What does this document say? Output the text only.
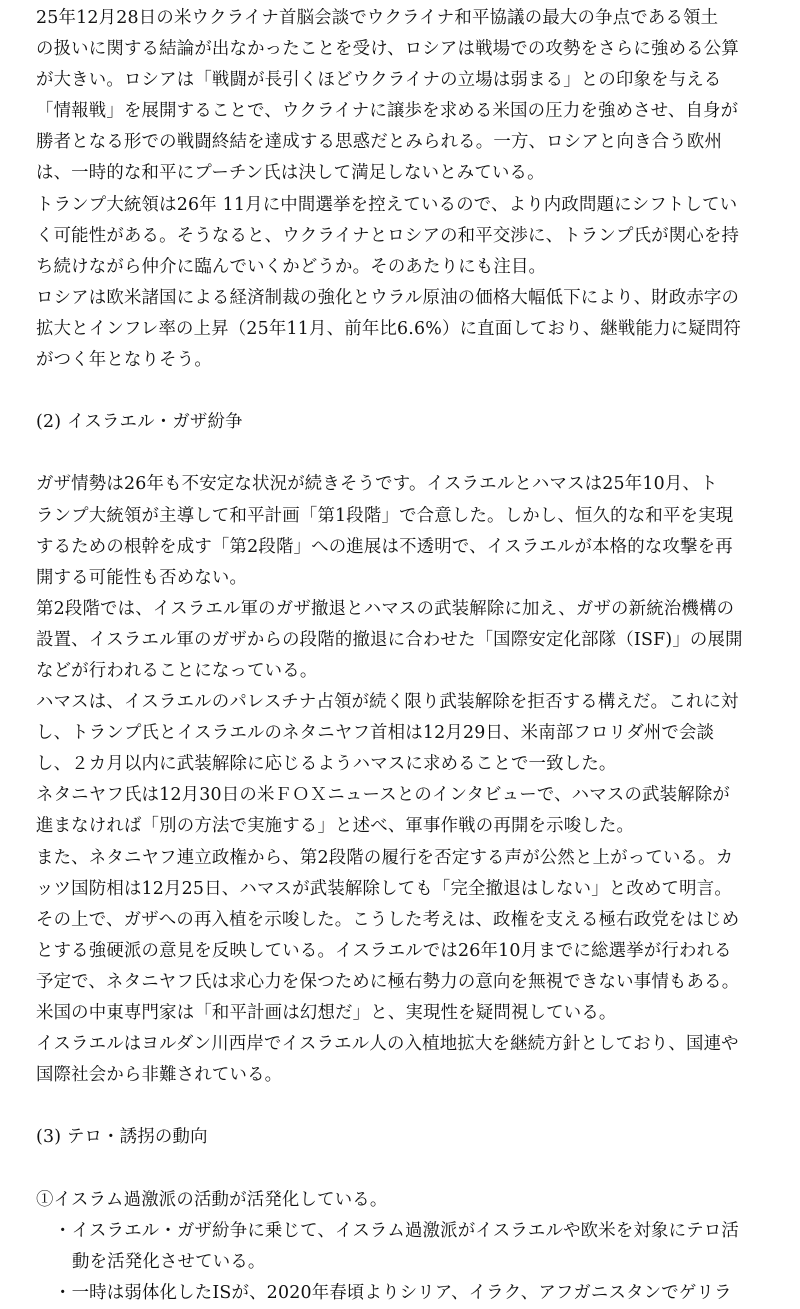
25年12月28日の米ウクライナ首脳会談でウクライナ和平協議の最大の争点である領土
の扱いに関する結論が出なかったことを受け、ロシアは戦場での攻勢をさらに強める公算
が大きい。ロシアは「戦闘が長引くほどウクライナの立場は弱まる」との印象を与える
「情報戦」を展開することで、ウクライナに譲歩を求める米国の圧力を強めさせ、自身が
勝者となる形での戦闘終結を達成する思惑だとみられる。一方、ロシアと向き合う欧州
は、一時的な和平にプーチン氏は決して満足しないとみている。
トランプ大統領は26年 11月に中間選挙を控えているので、より内政問題にシフトしてい
く可能性がある。そうなると、ウクライナとロシアの和平交渉に、トランプ氏が関心を持
ち続けながら仲介に臨んでいくかどうか。そのあたりにも注目。
ロシアは欧米諸国による経済制裁の強化とウラル原油の価格大幅低下により、財政赤字の
拡大とインフレ率の上昇（25年11月、前年比6.6%）に直面しており、継戦能力に疑問符
がつく年となりそう。
(2) イスラエル・ガザ紛争
ガザ情勢は26年も不安定な状況が続きそうです。イスラエルとハマスは25年10月、ト
ランプ大統領が主導して和平計画「第1段階」で合意した。しかし、恒久的な和平を実現
するための根幹を成す「第2段階」への進展は不透明で、イスラエルが本格的な攻撃を再
開する可能性も否めない。
第2段階では、イスラエル軍のガザ撤退とハマスの武装解除に加え、ガザの新統治機構の
設置、イスラエル軍のガザからの段階的撤退に合わせた「国際安定化部隊（ISF)」の展開
などが行われることになっている。
ハマスは、イスラエルのパレスチナ占領が続く限り武装解除を拒否する構えだ。これに対
し、トランプ氏とイスラエルのネタニヤフ首相は12月29日、米南部フロリダ州で会談
し、２カ月以内に武装解除に応じるようハマスに求めることで一致した。
ネタニヤフ氏は12月30日の米ＦＯＸニュースとのインタビューで、ハマスの武装解除が
進まなければ「別の方法で実施する」と述べ、軍事作戦の再開を示唆した。
また、ネタニヤフ連立政権から、第2段階の履行を否定する声が公然と上がっている。カ
ッツ国防相は12月25日、ハマスが武装解除しても「完全撤退はしない」と改めて明言。
その上で、ガザへの再入植を示唆した。こうした考えは、政権を支える極右政党をはじめ
とする強硬派の意見を反映している。イスラエルでは26年10月までに総選挙が行われる
予定で、ネタニヤフ氏は求心力を保つために極右勢力の意向を無視できない事情もある。
米国の中東専門家は「和平計画は幻想だ」と、実現性を疑問視している。
イスラエルはヨルダン川西岸でイスラエル人の入植地拡大を継続方針としており、国連や
国際社会から非難されている。
(3) テロ・誘拐の動向
①イスラム過激派の活動が活発化している。
・イスラエル・ガザ紛争に乗じて、イスラム過激派がイスラエルや欧米を対象にテロ活
動を活発化させている。
・一時は弱体化したISが、2020年春頃よりシリア、イラク、アフガニスタンでゲリラ
